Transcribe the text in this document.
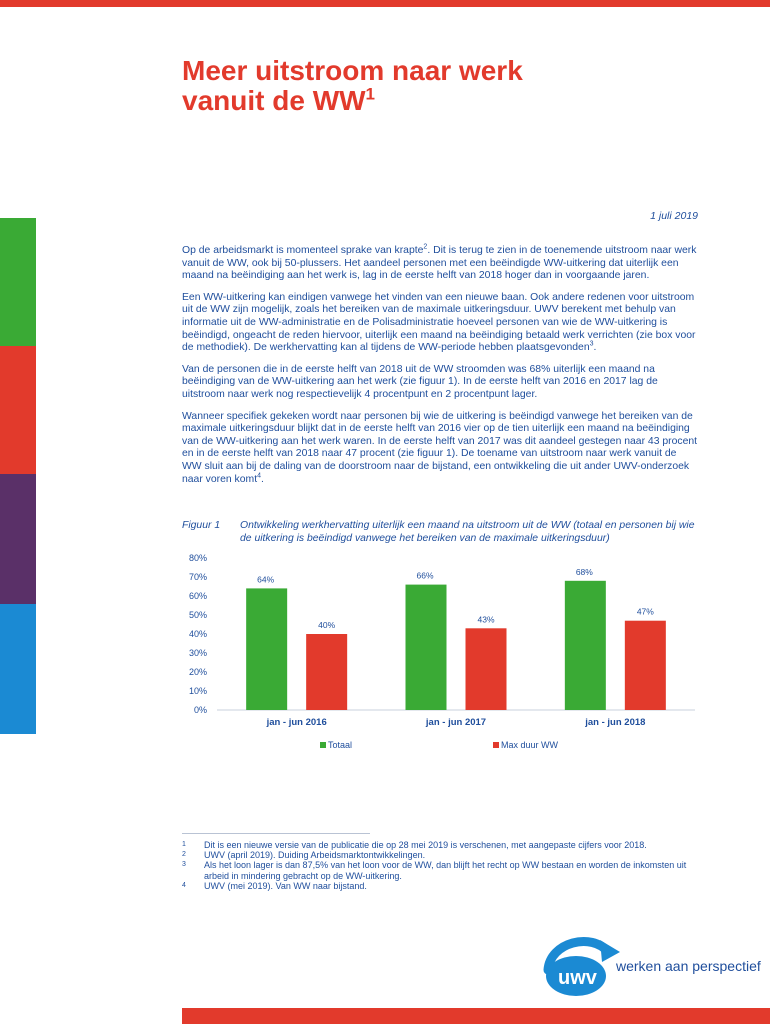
Meer uitstroom naar werk
vanuit de $WW^1$
1 juli 2019

Op de arbeidsmarkt is momenteel sprake van krapte$^2$. Dit is terug te zien in de toenemende uitstroom naar werk vanuit de WW, ook bij 50-plussers. Het aandeel personen met een beëindigde WW-uitkering dat uiterlijk een maand na beëindiging aan het werk is, lag in de eerste helft van 2018 hoger dan in voorgaande jaren.

Een WW-uitkering kan eindigen vanwege het vinden van een nieuwe baan. Ook andere redenen voor uitstroom uit de WW zijn mogelijk, zoals het bereiken van de maximale uitkeringsduur. UWV berekent met behulp van informatie uit de WW-administratie en de Polisadministratie hoeveel personen van wie de WW-uitkering is beëindigd, ongeacht de reden hiervoor, uiterlijk een maand na beëindiging betaald werk verrichten (zie box voor de methodiek). De werkhervatting kan al tijdens de WW-periode hebben plaatsgevonden$^3$.

Van de personen die in de eerste helft van 2018 uit de WW stroomden was 68% uiterlijk een maand na beëindiging van de WW-uitkering aan het werk (zie figuur 1). In de eerste helft van 2016 en 2017 lag de uitstroom naar werk nog respectievelijk 4 procentpunt en 2 procentpunt lager.

Wanneer specifiek gekeken wordt naar personen bij wie de uitkering is beëindigd vanwege het bereiken van de maximale uitkeringsduur blijkt dat in de eerste helft van 2016 vier op de tien uiterlijk een maand na beëindiging van de WW-uitkering aan het werk waren. In de eerste helft van 2017 was dit aandeel gestegen naar 43 procent en in de eerste helft van 2018 naar 47 procent (zie figuur 1). De toename van uitstroom naar werk vanuit de WW sluit aan bij de daling van de doorstroom naar de bijstand, een ontwikkeling die uit ander UWV-onderzoek naar voren komt$^4$.

Figuur 1	Ontwikkeling werkhervatting uiterlijk een maand na uitstroom uit de WW (totaal en personen bij wie de uitkering is beëindigd vanwege het bereiken van de maximale uitkeringsduur)
0%
10%
20%
30%
40%
50%
60%
70%
80%
64%
40%
jan - jun 2016
66%
43%
jan - jun 2017
68%
47%
jan - jun 2018
Totaal	Max duur WW
1	Dit is een nieuwe versie van de publicatie die op 28 mei 2019 is verschenen, met aangepaste cijfers voor 2018.
2	UWV (april 2019). Duiding Arbeidsmarktontwikkelingen.
3	Als het loon lager is dan 87,5% van het loon voor de WW, dan blijft het recht op WW bestaan en worden de inkomsten uit arbeid in mindering gebracht op de WW-uitkering.
4	UWV (mei 2019). Van WW naar bijstand.
uwv
werken aan perspectief
